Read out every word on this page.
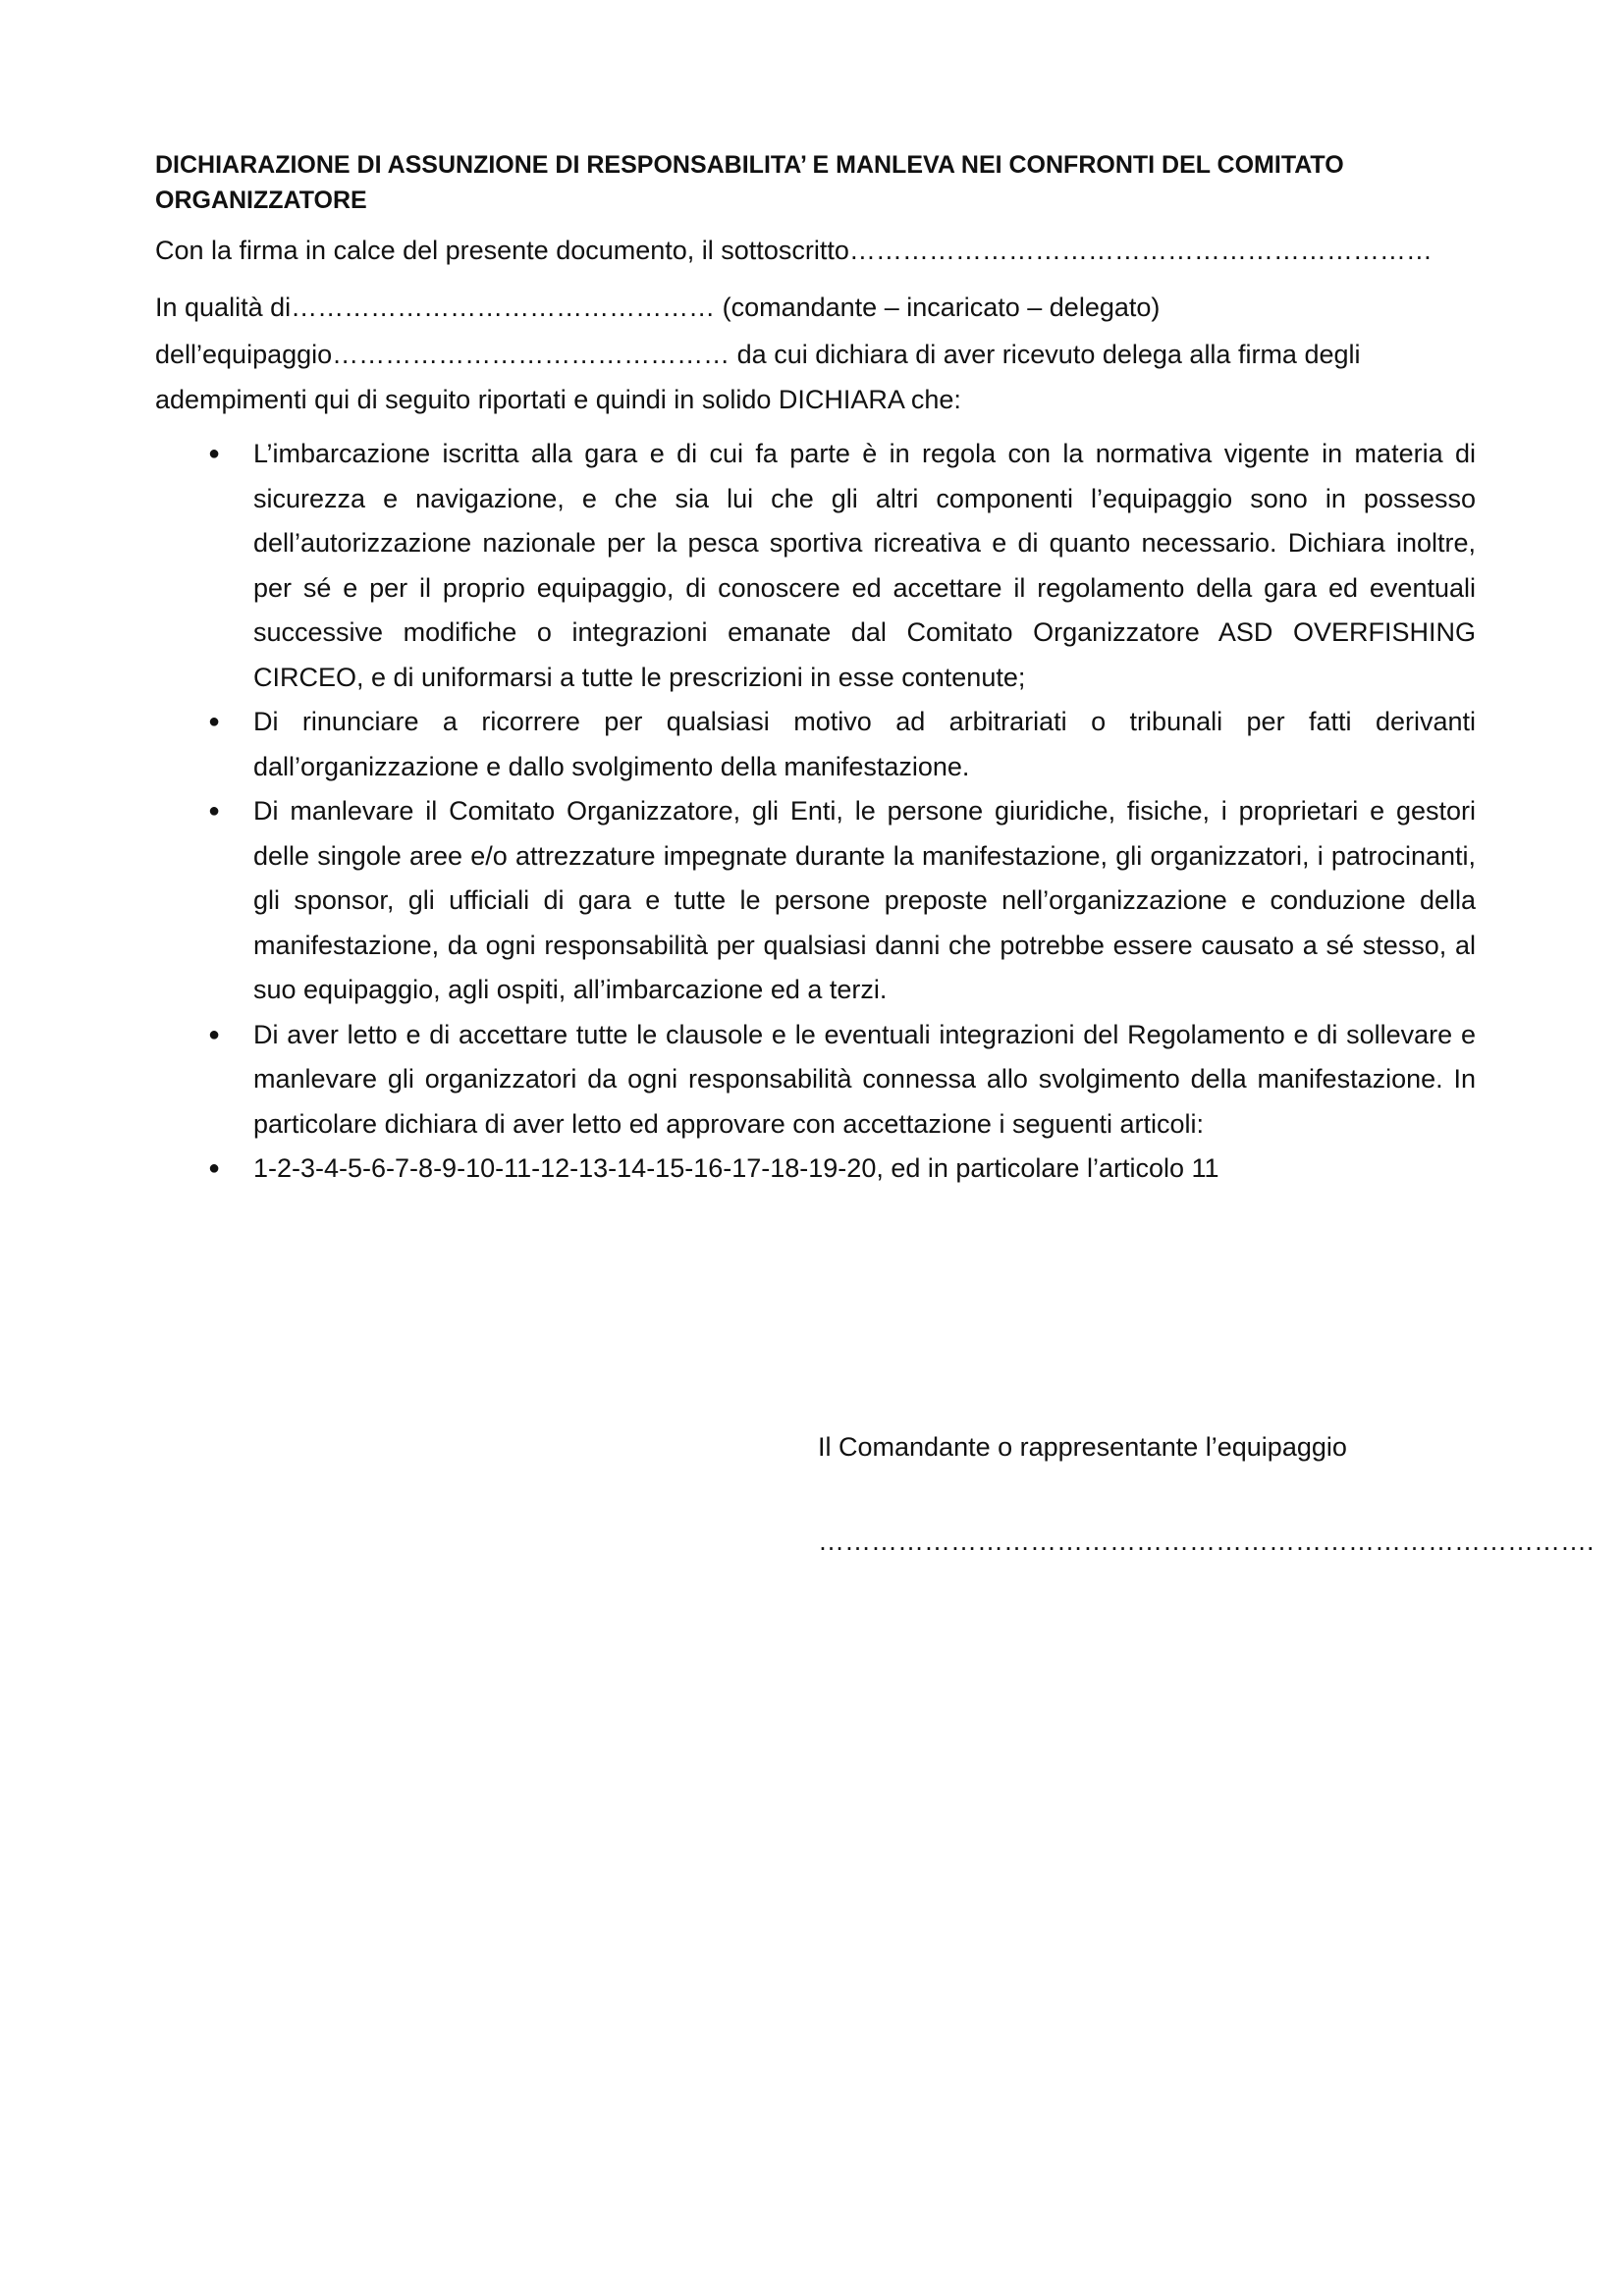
DICHIARAZIONE DI ASSUNZIONE DI RESPONSABILITA’ E MANLEVA NEI CONFRONTI DEL COMITATO ORGANIZZATORE
Con la firma in calce del presente documento, il sottoscritto…………………………………………………………
In qualità di………………………………………… (comandante – incaricato – delegato)
dell’equipaggio……………………………………… da cui dichiara di aver ricevuto delega alla firma degli
adempimenti qui di seguito riportati e quindi in solido DICHIARA che:
● L’imbarcazione iscritta alla gara e di cui fa parte è in regola con la normativa vigente in materia di sicurezza e navigazione, e che sia lui che gli altri componenti l’equipaggio sono in possesso dell’autorizzazione nazionale per la pesca sportiva ricreativa e di quanto necessario. Dichiara inoltre, per sé e per il proprio equipaggio, di conoscere ed accettare il regolamento della gara ed eventuali successive modifiche o integrazioni emanate dal Comitato Organizzatore ASD OVERFISHING CIRCEO, e di uniformarsi a tutte le prescrizioni in esse contenute;
● Di rinunciare a ricorrere per qualsiasi motivo ad arbitrariati o tribunali per fatti derivanti dall’organizzazione e dallo svolgimento della manifestazione.
● Di manlevare il Comitato Organizzatore, gli Enti, le persone giuridiche, fisiche, i proprietari e gestori delle singole aree e/o attrezzature impegnate durante la manifestazione, gli organizzatori, i patrocinanti, gli sponsor, gli ufficiali di gara e tutte le persone preposte nell’organizzazione e conduzione della manifestazione, da ogni responsabilità per qualsiasi danni che potrebbe essere causato a sé stesso, al suo equipaggio, agli ospiti, all’imbarcazione ed a terzi.
● Di aver letto e di accettare tutte le clausole e le eventuali integrazioni del Regolamento e di sollevare e manlevare gli organizzatori da ogni responsabilità connessa allo svolgimento della manifestazione. In particolare dichiara di aver letto ed approvare con accettazione i seguenti articoli:
● 1-2-3-4-5-6-7-8-9-10-11-12-13-14-15-16-17-18-19-20, ed in particolare l’articolo 11
Il Comandante o rappresentante l’equipaggio
…………………………………………………………………………….
